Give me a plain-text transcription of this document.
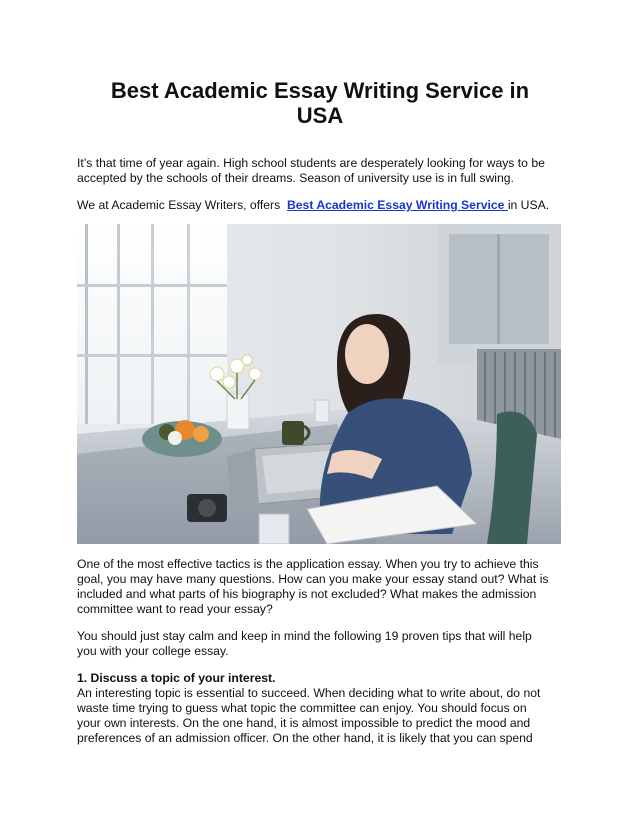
Best Academic Essay Writing Service in
USA

It’s that time of year again. High school students are desperately looking for ways to be
accepted by the schools of their dreams. Season of university use is in full swing.

We at Academic Essay Writers, offers  Best Academic Essay Writing Service in USA.

One of the most effective tactics is the application essay. When you try to achieve this
goal, you may have many questions. How can you make your essay stand out? What is
included and what parts of his biography is not excluded? What makes the admission
committee want to read your essay?

You should just stay calm and keep in mind the following 19 proven tips that will help
you with your college essay.

1. Discuss a topic of your interest.
An interesting topic is essential to succeed. When deciding what to write about, do not
waste time trying to guess what topic the committee can enjoy. You should focus on
your own interests. On the one hand, it is almost impossible to predict the mood and
preferences of an admission officer. On the other hand, it is likely that you can spend
